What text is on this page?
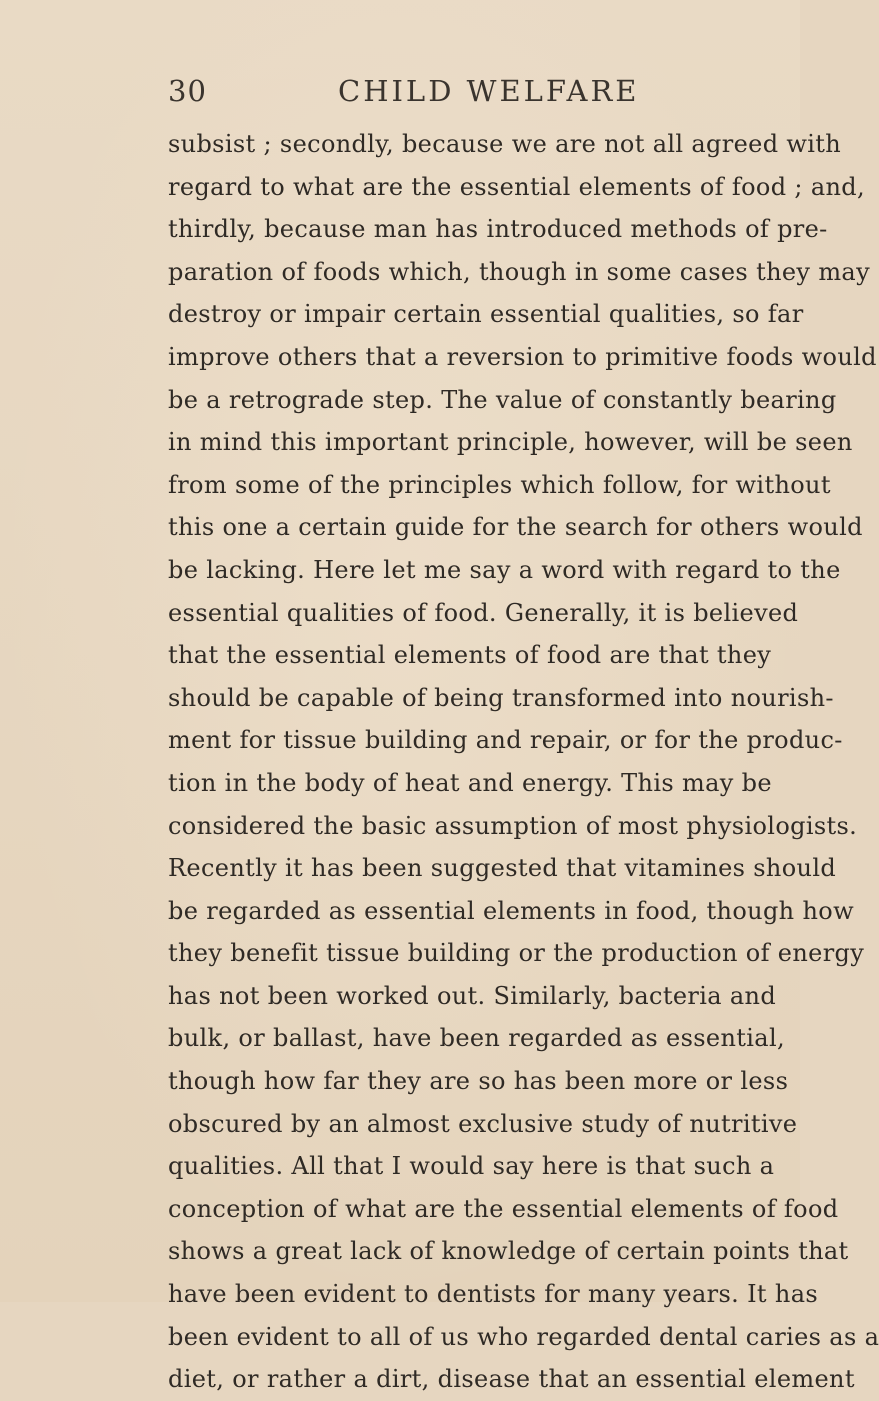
30	CHILD WELFARE
subsist ; secondly, because we are not all agreed with
regard to what are the essential elements of food ; and,
thirdly, because man has introduced methods of pre-
paration of foods which, though in some cases they may
destroy or impair certain essential qualities, so far
improve others that a reversion to primitive foods would
be a retrograde step. The value of constantly bearing
in mind this important principle, however, will be seen
from some of the principles which follow, for without
this one a certain guide for the search for others would
be lacking. Here let me say a word with regard to the
essential qualities of food. Generally, it is believed
that the essential elements of food are that they
should be capable of being transformed into nourish-
ment for tissue building and repair, or for the produc-
tion in the body of heat and energy. This may be
considered the basic assumption of most physiologists.
Recently it has been suggested that vitamines should
be regarded as essential elements in food, though how
they benefit tissue building or the production of energy
has not been worked out. Similarly, bacteria and
bulk, or ballast, have been regarded as essential,
though how far they are so has been more or less
obscured by an almost exclusive study of nutritive
qualities. All that I would say here is that such a
conception of what are the essential elements of food
shows a great lack of knowledge of certain points that
have been evident to dentists for many years. It has
been evident to all of us who regarded dental caries as a
diet, or rather a dirt, disease that an essential element
